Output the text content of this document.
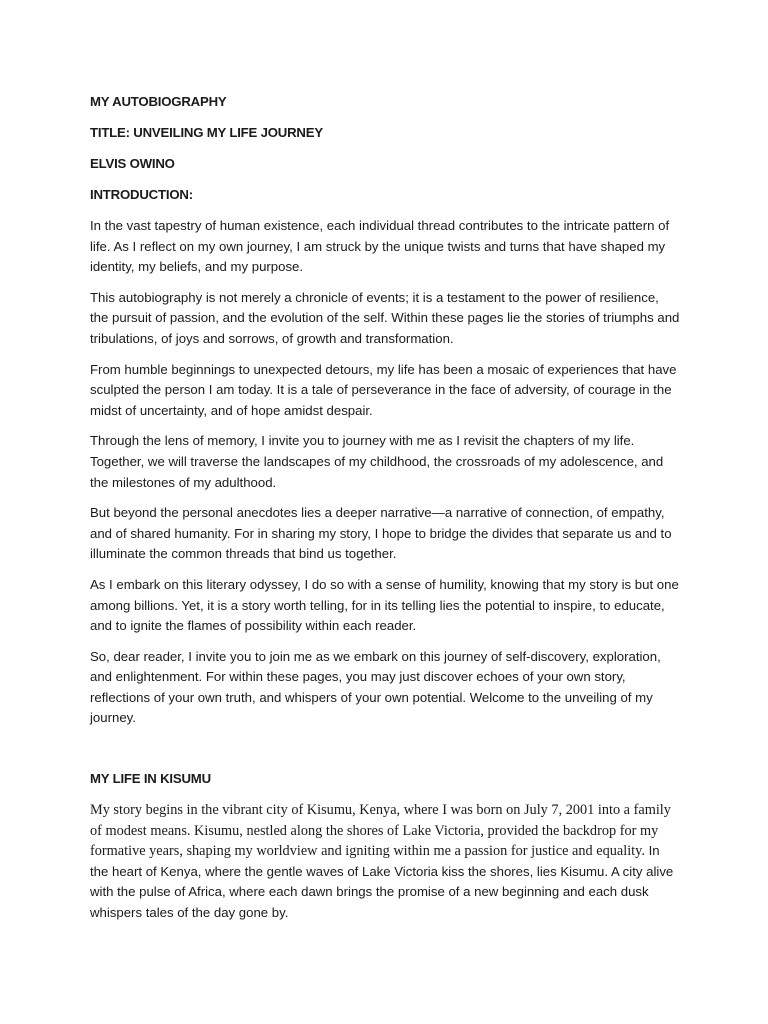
MY AUTOBIOGRAPHY
TITLE: UNVEILING MY LIFE JOURNEY
ELVIS OWINO
INTRODUCTION:

In the vast tapestry of human existence, each individual thread contributes to the intricate pattern of life. As I reflect on my own journey, I am struck by the unique twists and turns that have shaped my identity, my beliefs, and my purpose.

This autobiography is not merely a chronicle of events; it is a testament to the power of resilience, the pursuit of passion, and the evolution of the self. Within these pages lie the stories of triumphs and tribulations, of joys and sorrows, of growth and transformation.

From humble beginnings to unexpected detours, my life has been a mosaic of experiences that have sculpted the person I am today. It is a tale of perseverance in the face of adversity, of courage in the midst of uncertainty, and of hope amidst despair.

Through the lens of memory, I invite you to journey with me as I revisit the chapters of my life. Together, we will traverse the landscapes of my childhood, the crossroads of my adolescence, and the milestones of my adulthood.

But beyond the personal anecdotes lies a deeper narrative—a narrative of connection, of empathy, and of shared humanity. For in sharing my story, I hope to bridge the divides that separate us and to illuminate the common threads that bind us together.

As I embark on this literary odyssey, I do so with a sense of humility, knowing that my story is but one among billions. Yet, it is a story worth telling, for in its telling lies the potential to inspire, to educate, and to ignite the flames of possibility within each reader.

So, dear reader, I invite you to join me as we embark on this journey of self-discovery, exploration, and enlightenment. For within these pages, you may just discover echoes of your own story, reflections of your own truth, and whispers of your own potential. Welcome to the unveiling of my journey.

MY LIFE IN KISUMU

My story begins in the vibrant city of Kisumu, Kenya, where I was born on July 7, 2001 into a family of modest means. Kisumu, nestled along the shores of Lake Victoria, provided the backdrop for my formative years, shaping my worldview and igniting within me a passion for justice and equality. In the heart of Kenya, where the gentle waves of Lake Victoria kiss the shores, lies Kisumu. A city alive with the pulse of Africa, where each dawn brings the promise of a new beginning and each dusk whispers tales of the day gone by.
